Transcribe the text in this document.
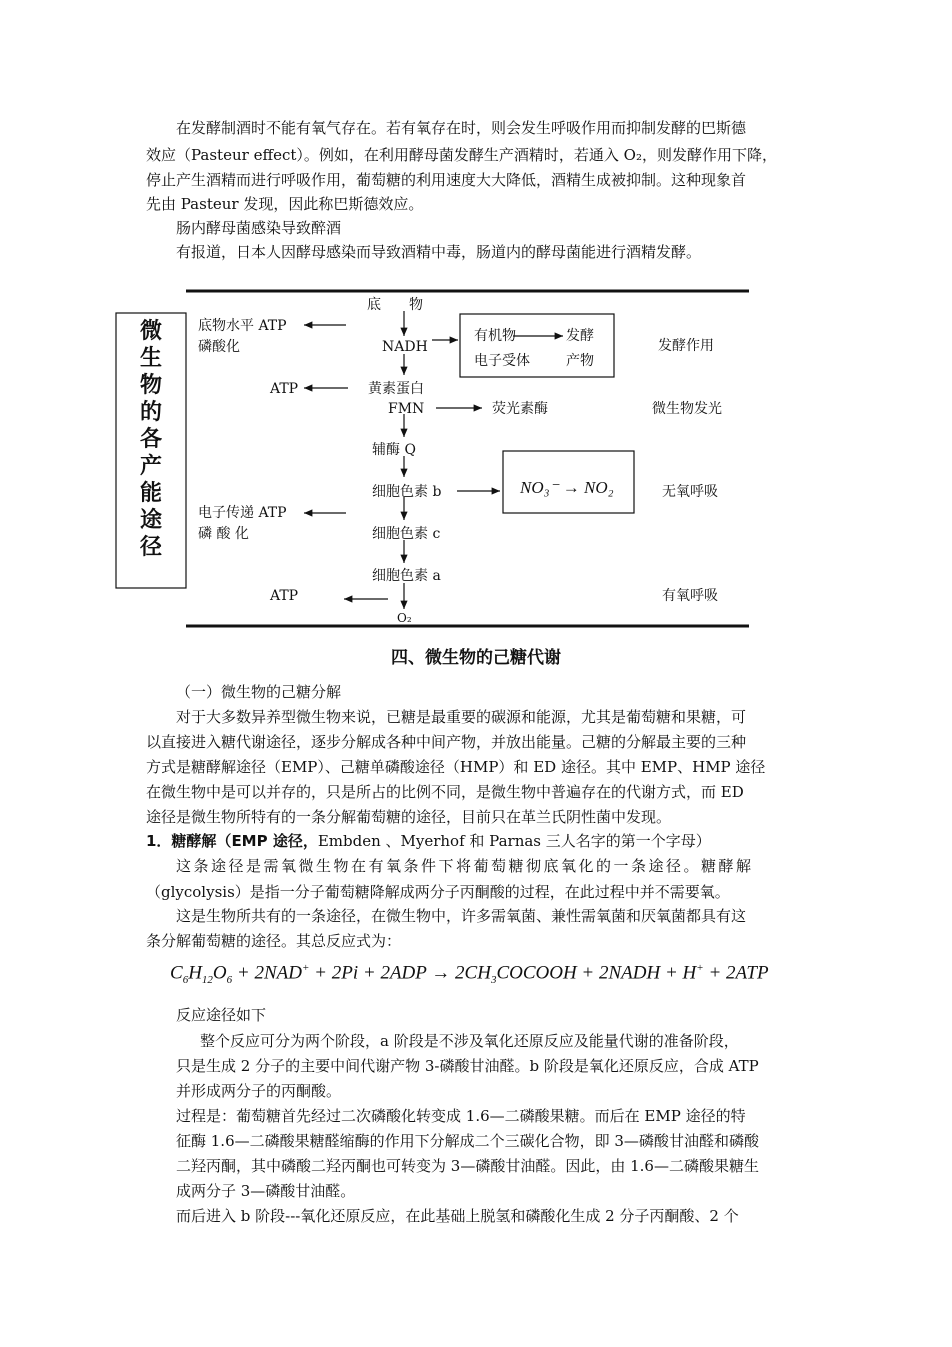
在发酵制酒时不能有氧气存在。若有氧存在时，则会发生呼吸作用而抑制发酵的巴斯德

效应（Pasteur effect）。例如，在利用酵母菌发酵生产酒精时，若通入 O₂，则发酵作用下降，

停止产生酒精而进行呼吸作用，葡萄糖的利用速度大大降低，酒精生成被抑制。这种现象首

先由 Pasteur 发现，因此称巴斯德效应。

肠内酵母菌感染导致醉酒

有报道，日本人因酵母感染而导致酒精中毒，肠道内的酵母菌能进行酒精发酵。

底　　物
底物水平 ATP
磷酸化	NADH
有机物	发酵
电子受体	产物
发酵作用
ATP	黄素蛋白
FMN	荧光素酶	微生物发光
辅酶 Q
细胞色素 b	NO₃⁻ → NO₂	无氧呼吸
电子传递 ATP
磷 酸 化	细胞色素 c
细胞色素 a
ATP	有氧呼吸
O₂
微
生
物
的
各
产
能
途
径
四、微生物的己糖代谢

（一）微生物的己糖分解

对于大多数异养型微生物来说，已糖是最重要的碳源和能源，尤其是葡萄糖和果糖，可

以直接进入糖代谢途径，逐步分解成各种中间产物，并放出能量。己糖的分解最主要的三种

方式是糖酵解途径（EMP）、己糖单磷酸途径（HMP）和 ED 途径。其中 EMP、HMP 途径

在微生物中是可以并存的，只是所占的比例不同，是微生物中普遍存在的代谢方式，而 ED

途径是微生物所特有的一条分解葡萄糖的途径，目前只在革兰氏阴性菌中发现。

1．糖酵解（EMP 途径，Embden 、Myerhof 和 Parnas 三人名字的第一个字母）

这条途径是需氧微生物在有氧条件下将葡萄糖彻底氧化的一条途径。糖酵解

（glycolysis）是指一分子葡萄糖降解成两分子丙酮酸的过程，在此过程中并不需要氧。

这是生物所共有的一条途径，在微生物中，许多需氧菌、兼性需氧菌和厌氧菌都具有这

条分解葡萄糖的途径。其总反应式为：

$C_6H_{12}O_6 + 2NAD^+ + 2Pi + 2ADP$ → $2CH_3COCOOH$ + 2NADH + H+ + 2ATP

反应途径如下

整个反应可分为两个阶段，a 阶段是不涉及氧化还原反应及能量代谢的准备阶段，

只是生成 2 分子的主要中间代谢产物 3-磷酸甘油醛。b 阶段是氧化还原反应，合成 ATP

并形成两分子的丙酮酸。

过程是：葡萄糖首先经过二次磷酸化转变成 1.6—二磷酸果糖。而后在 EMP 途径的特

征酶 1.6—二磷酸果糖醛缩酶的作用下分解成二个三碳化合物，即 3—磷酸甘油醛和磷酸

二羟丙酮，其中磷酸二羟丙酮也可转变为 3—磷酸甘油醛。因此，由 1.6—二磷酸果糖生

成两分子 3—磷酸甘油醛。

而后进入 b 阶段---氧化还原反应，在此基础上脱氢和磷酸化生成 2 分子丙酮酸、2 个
